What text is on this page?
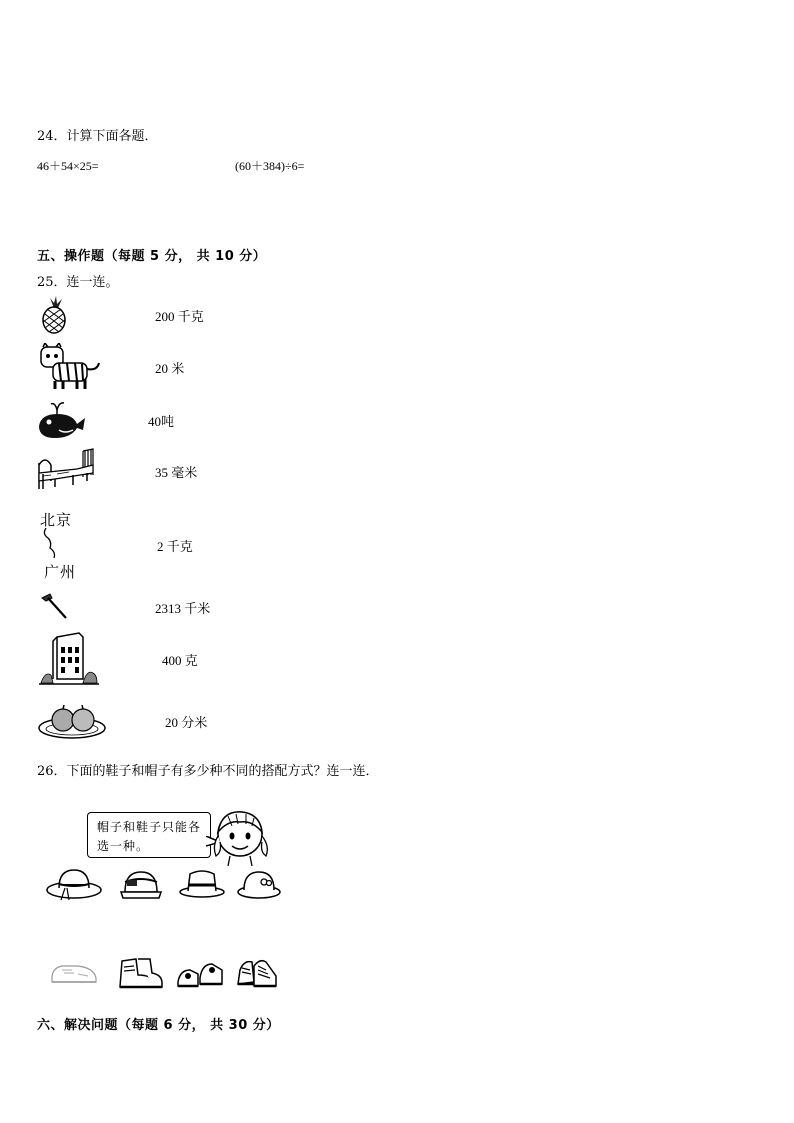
24．计算下面各题．
46＋54×25=	(60＋384)÷6=
五、操作题（每题 5 分， 共 10 分）
25．连一连。
200 千克
20 米
40吨
35 毫米
北京
广州
2 千克
2313 千米
400 克
20 分米
26．下面的鞋子和帽子有多少种不同的搭配方式？连一连．
帽子和鞋子只能各选一种。
六、解决问题（每题 6 分， 共 30 分）
